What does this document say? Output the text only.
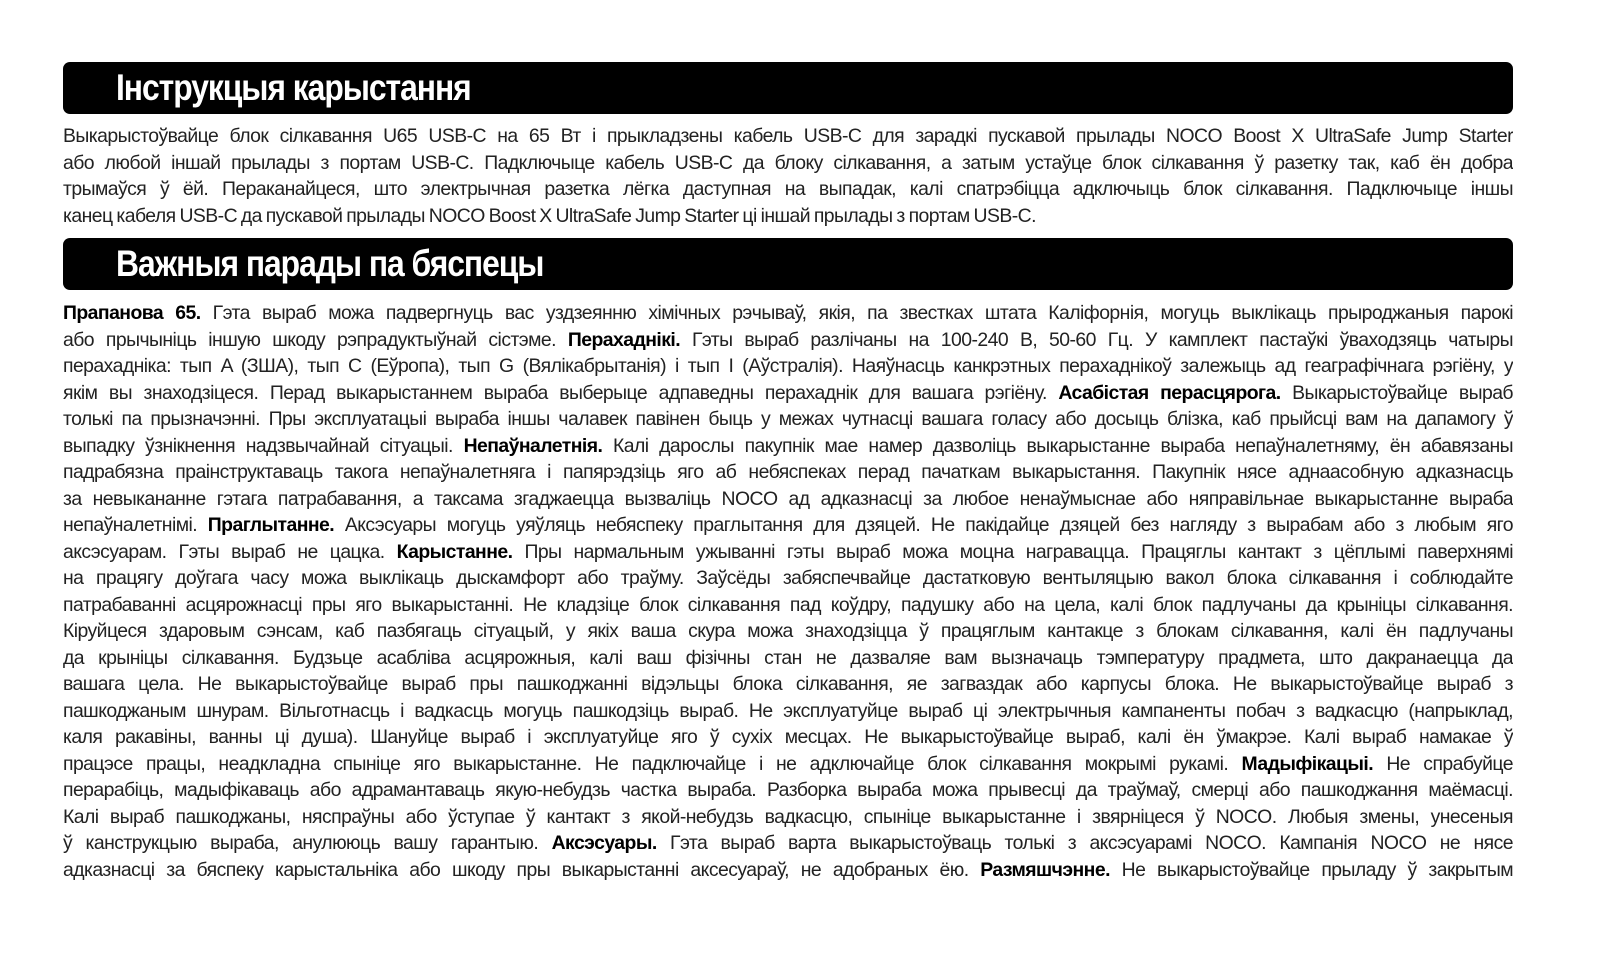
Інструкцыя карыстання
Выкарыстоўвайце блок сілкавання U65 USB-C на 65 Вт і прыкладзены кабель USB-C для зарадкі пускавой прылады NOCO Boost X UltraSafe Jump Starter
або любой іншай прылады з портам USB-C. Падключыце кабель USB-C да блоку сілкавання, а затым устаўце блок сілкавання ў разетку так, каб ён добра
трымаўся ў ёй. Пераканайцеся, што электрычная разетка лёгка даступная на выпадак, калі спатрэбіцца адключыць блок сілкавання. Падключыце іншы
канец кабеля USB-C да пускавой прылады NOCO Boost X UltraSafe Jump Starter ці іншай прылады з портам USB-C.
Важныя парады па бяспецы
Прапанова 65. Гэта выраб можа падвергнуць вас уздзеянню хімічных рэчываў, якія, па звестках штата Каліфорнія, могуць выклікаць прыроджаныя парокі
або прычыніць іншую шкоду рэпрадуктыўнай сістэме. Перахаднікі. Гэты выраб разлічаны на 100-240 В, 50-60 Гц. У камплект пастаўкі ўваходзяць чатыры
перахадніка: тып A (ЗША), тып C (Еўропа), тып G (Вялікабрытанія) і тып I (Аўстралія). Наяўнасць канкрэтных перахаднікоў залежыць ад геаграфічнага рэгіёну, у
якім вы знаходзіцеся. Перад выкарыстаннем выраба выберыце адпаведны перахаднік для вашага рэгіёну. Асабістая перасцярога. Выкарыстоўвайце выраб
толькі па прызначэнні. Пры эксплуатацыі выраба іншы чалавек павінен быць у межах чутнасці вашага голасу або досыць блізка, каб прыйсці вам на дапамогу ў
выпадку ўзнікнення надзвычайнай сітуацыі. Непаўналетнія. Калі дарослы пакупнік мае намер дазволіць выкарыстанне выраба непаўналетняму, ён абавязаны
падрабязна праінструктаваць такога непаўналетняга і папярэдзіць яго аб небяспеках перад пачаткам выкарыстання. Пакупнік нясе аднаасобную адказнасць
за невыкананне гэтага патрабавання, а таксама згаджаецца вызваліць NOCO ад адказнасці за любое ненаўмыснае або няправільнае выкарыстанне выраба
непаўналетнімі. Праглытанне. Аксэсуары могуць уяўляць небяспеку праглытання для дзяцей. Не пакідайце дзяцей без нагляду з вырабам або з любым яго
аксэсуарам. Гэты выраб не цацка. Карыстанне. Пры нармальным ужыванні гэты выраб можа моцна награвацца. Працяглы кантакт з цёплымі паверхнямі
на працягу доўгага часу можа выклікаць дыскамфорт або траўму. Заўсёды забяспечвайце дастатковую вентыляцыю вакол блока сілкавання і соблюдайте
патрабаванні асцярожнасці пры яго выкарыстанні. Не кладзіце блок сілкавання пад коўдру, падушку або на цела, калі блок падлучаны да крыніцы сілкавання.
Кіруйцеся здаровым сэнсам, каб пазбягаць сітуацый, у якіх ваша скура можа знаходзіцца ў працяглым кантакце з блокам сілкавання, калі ён падлучаны
да крыніцы сілкавання. Будзьце асабліва асцярожныя, калі ваш фізічны стан не дазваляе вам вызначаць тэмпературу прадмета, што дакранаецца да
вашага цела. Не выкарыстоўвайце выраб пры пашкоджанні відэльцы блока сілкавання, яе загваздак або карпусы блока. Не выкарыстоўвайце выраб з
пашкоджаным шнурам. Вільготнасць і вадкасць могуць пашкодзіць выраб. Не эксплуатуйце выраб ці электрычныя кампаненты побач з вадкасцю (напрыклад,
каля ракавіны, ванны ці душа). Шануйце выраб і эксплуатуйце яго ў сухіх месцах. Не выкарыстоўвайце выраб, калі ён ўмакрэе. Калі выраб намакае ў
працэсе працы, неадкладна спыніце яго выкарыстанне. Не падключайце і не адключайце блок сілкавання мокрымі рукамі. Мадыфікацыі. Не спрабуйце
перарабіць, мадыфікаваць або адрамантаваць якую-небудзь частка выраба. Разборка выраба можа прывесці да траўмаў, смерці або пашкоджання маёмасці.
Калі выраб пашкоджаны, няспраўны або ўступае ў кантакт з якой-небудзь вадкасцю, спыніце выкарыстанне і звярніцеся ў NOCO. Любыя змены, унесеныя
ў канструкцыю выраба, анулююць вашу гарантыю. Аксэсуары. Гэта выраб варта выкарыстоўваць толькі з аксэсуарамі NOCO. Кампанія NOCO не нясе
адказнасці за бяспеку карыстальніка або шкоду пры выкарыстанні аксесуараў, не адобраных ёю. Размяшчэнне. Не выкарыстоўвайце прыладу ў закрытым
